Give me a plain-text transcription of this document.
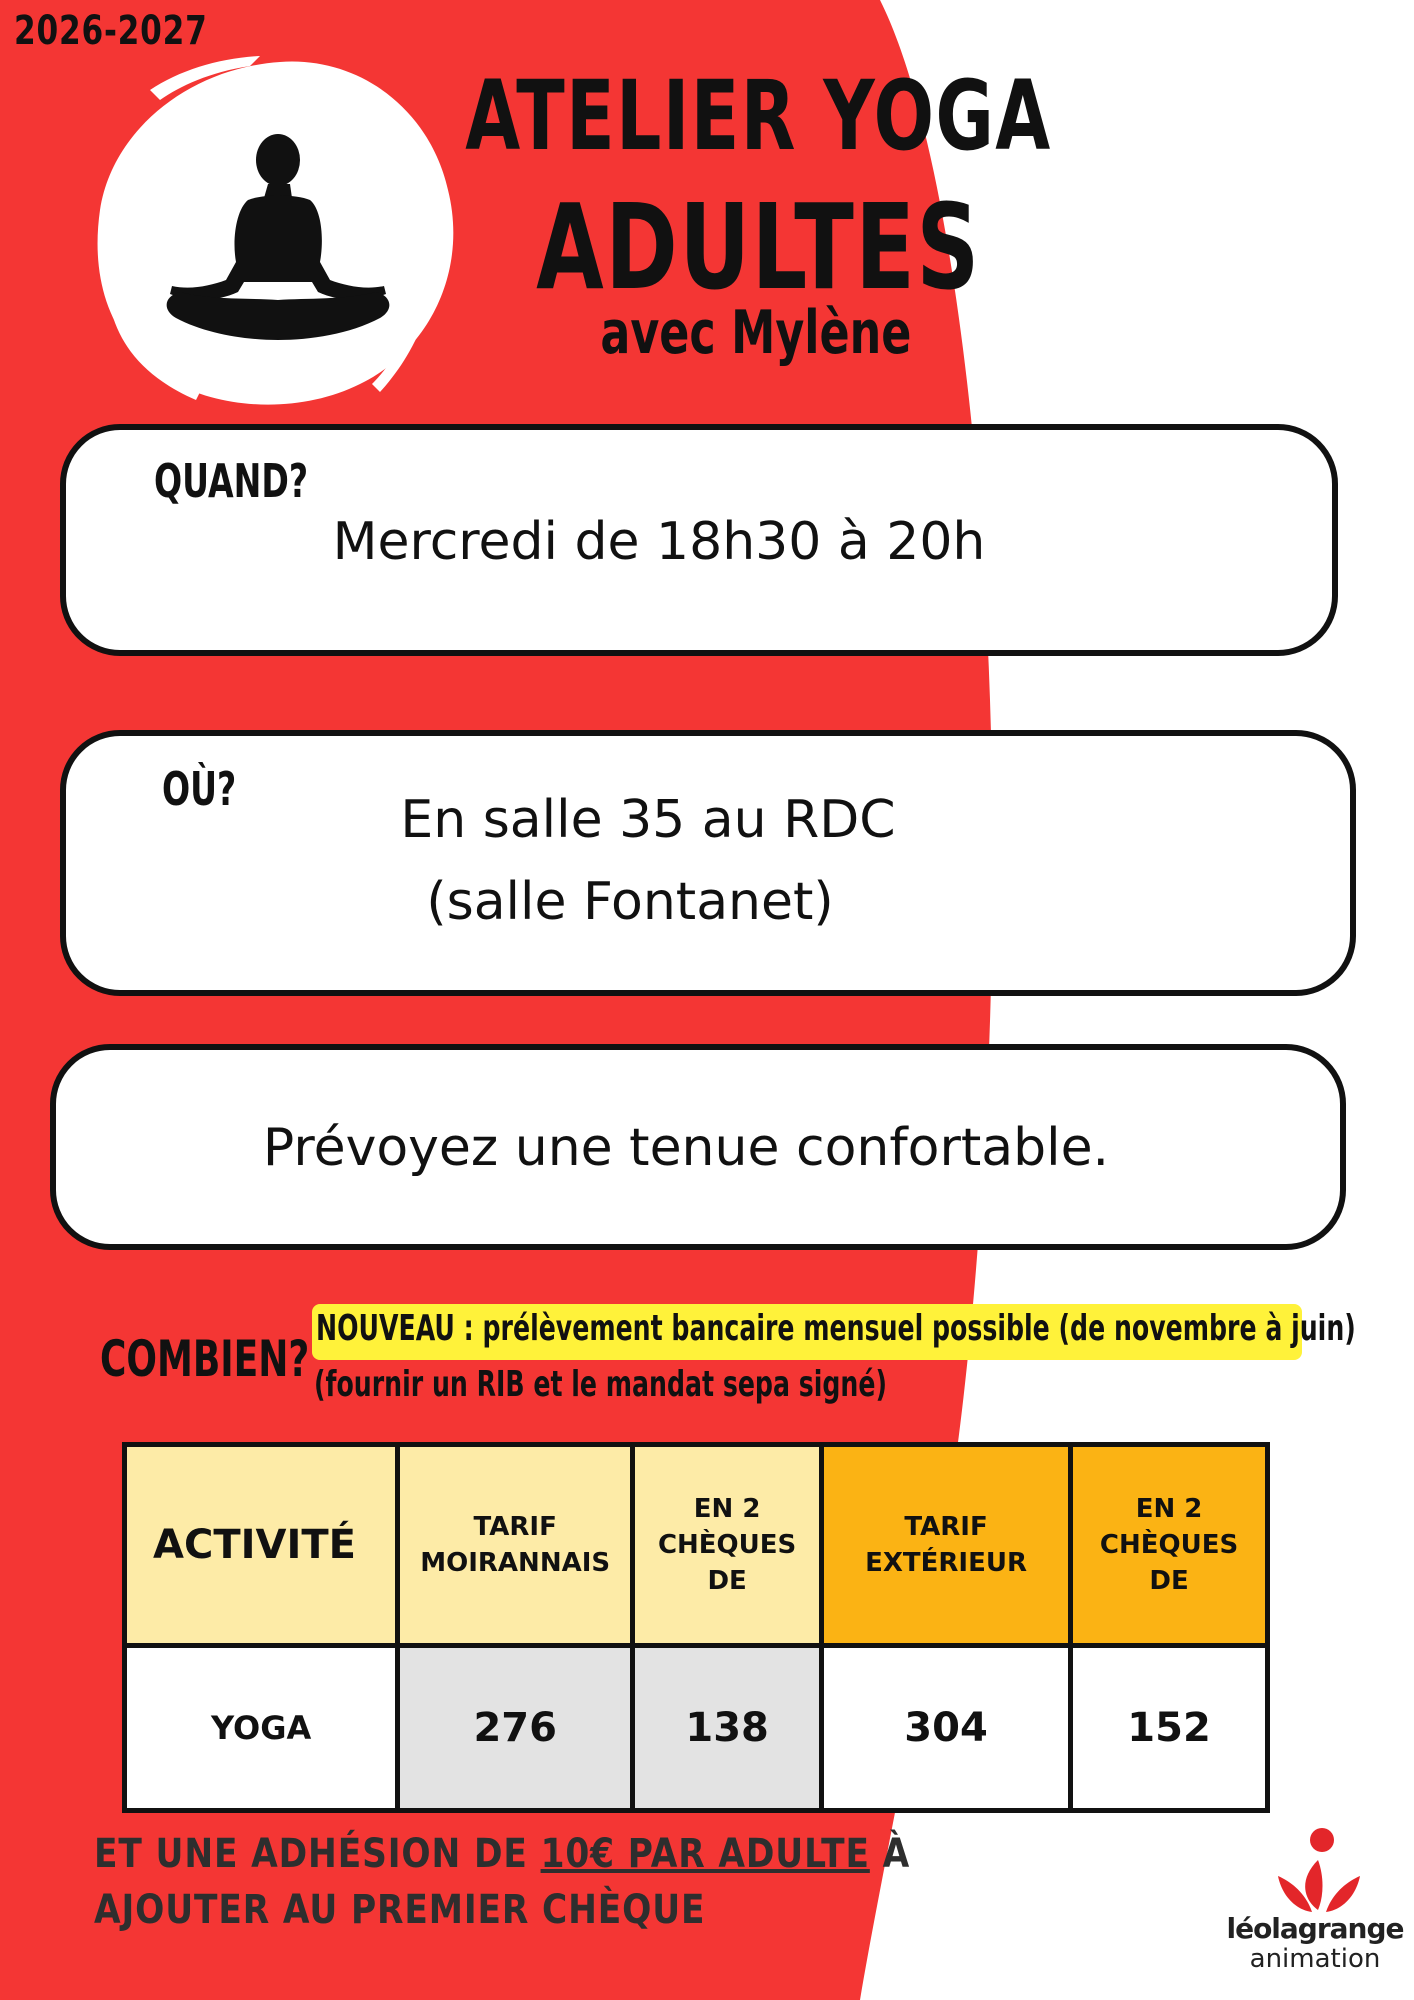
2026-2027
ATELIER YOGA
ADULTES
avec Mylène
QUAND?
Mercredi de 18h30 à 20h
OÙ?
En salle 35 au RDC
(salle Fontanet)
Prévoyez une tenue confortable.
COMBIEN?
NOUVEAU : prélèvement bancaire mensuel possible (de novembre à juin)
(fournir un RIB et le mandat sepa signé)
ACTIVITÉ	TARIF MOIRANNAIS	EN 2 CHÈQUES DE	TARIF EXTÉRIEUR	EN 2 CHÈQUES DE
YOGA	276	138	304	152
ET UNE ADHÉSION DE 10€ PAR ADULTE À AJOUTER AU PREMIER CHÈQUE	léolagrange
animation
